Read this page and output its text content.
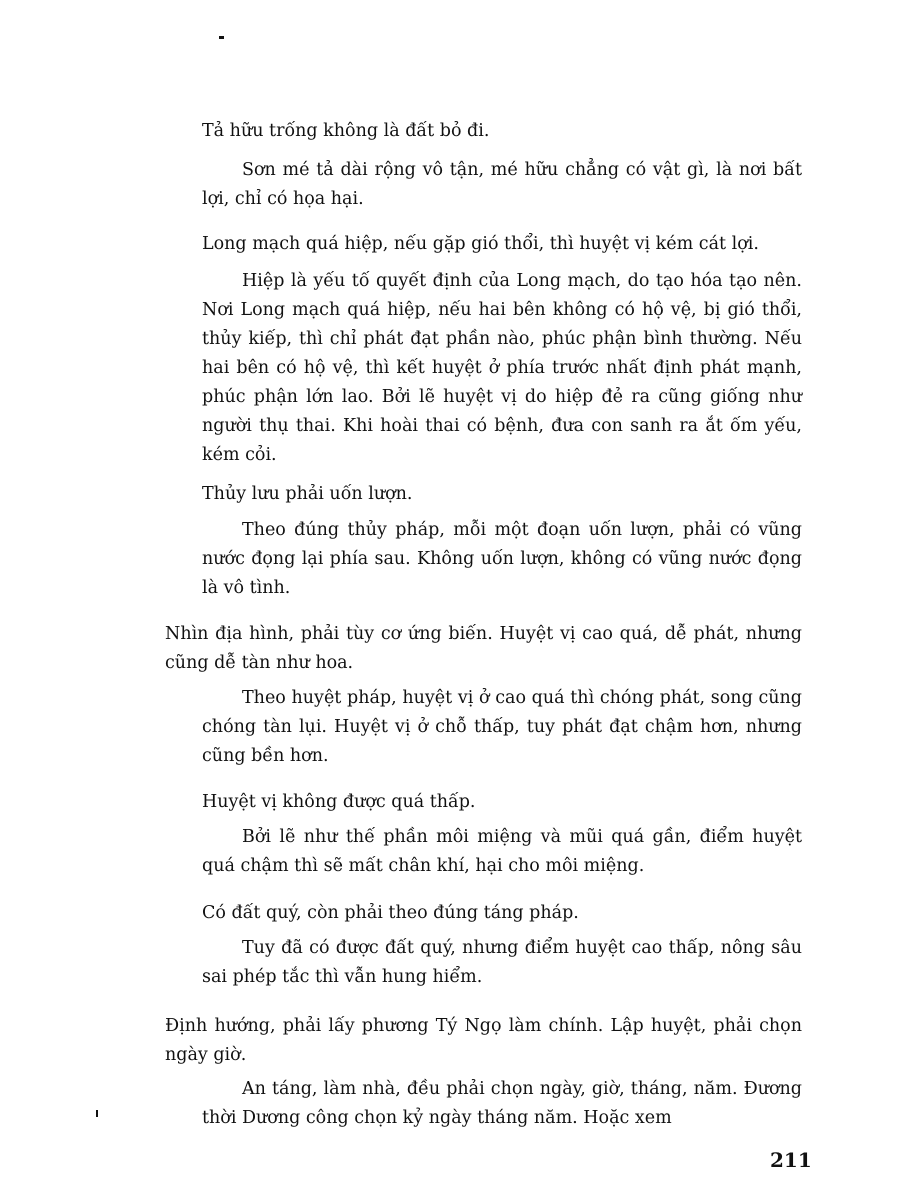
Tả hữu trống không là đất bỏ đi.
Sơn mé tả dài rộng vô tận, mé hữu chẳng có vật gì, là nơi bất lợi, chỉ có họa hại.
Long mạch quá hiệp, nếu gặp gió thổi, thì huyệt vị kém cát lợi.
Hiệp là yếu tố quyết định của Long mạch, do tạo hóa tạo nên. Nơi Long mạch quá hiệp, nếu hai bên không có hộ vệ, bị gió thổi, thủy kiếp, thì chỉ phát đạt phần nào, phúc phận bình thường. Nếu hai bên có hộ vệ, thì kết huyệt ở phía trước nhất định phát mạnh, phúc phận lớn lao. Bởi lẽ huyệt vị do hiệp đẻ ra cũng giống như người thụ thai. Khi hoài thai có bệnh, đưa con sanh ra ắt ốm yếu, kém cỏi.
Thủy lưu phải uốn lượn.
Theo đúng thủy pháp, mỗi một đoạn uốn lượn, phải có vũng nước đọng lại phía sau. Không uốn lượn, không có vũng nước đọng là vô tình.
Nhìn địa hình, phải tùy cơ ứng biến. Huyệt vị cao quá, dễ phát, nhưng cũng dễ tàn như hoa.
Theo huyệt pháp, huyệt vị ở cao quá thì chóng phát, song cũng chóng tàn lụi. Huyệt vị ở chỗ thấp, tuy phát đạt chậm hơn, nhưng cũng bền hơn.
Huyệt vị không được quá thấp.
Bởi lẽ như thế phần môi miệng và mũi quá gần, điểm huyệt quá chậm thì sẽ mất chân khí, hại cho môi miệng.
Có đất quý, còn phải theo đúng táng pháp.
Tuy đã có được đất quý, nhưng điểm huyệt cao thấp, nông sâu sai phép tắc thì vẫn hung hiểm.
Định hướng, phải lấy phương Tý Ngọ làm chính. Lập huyệt, phải chọn ngày giờ.
An táng, làm nhà, đều phải chọn ngày, giờ, tháng, năm. Đương thời Dương công chọn kỷ ngày tháng năm. Hoặc xem
211
